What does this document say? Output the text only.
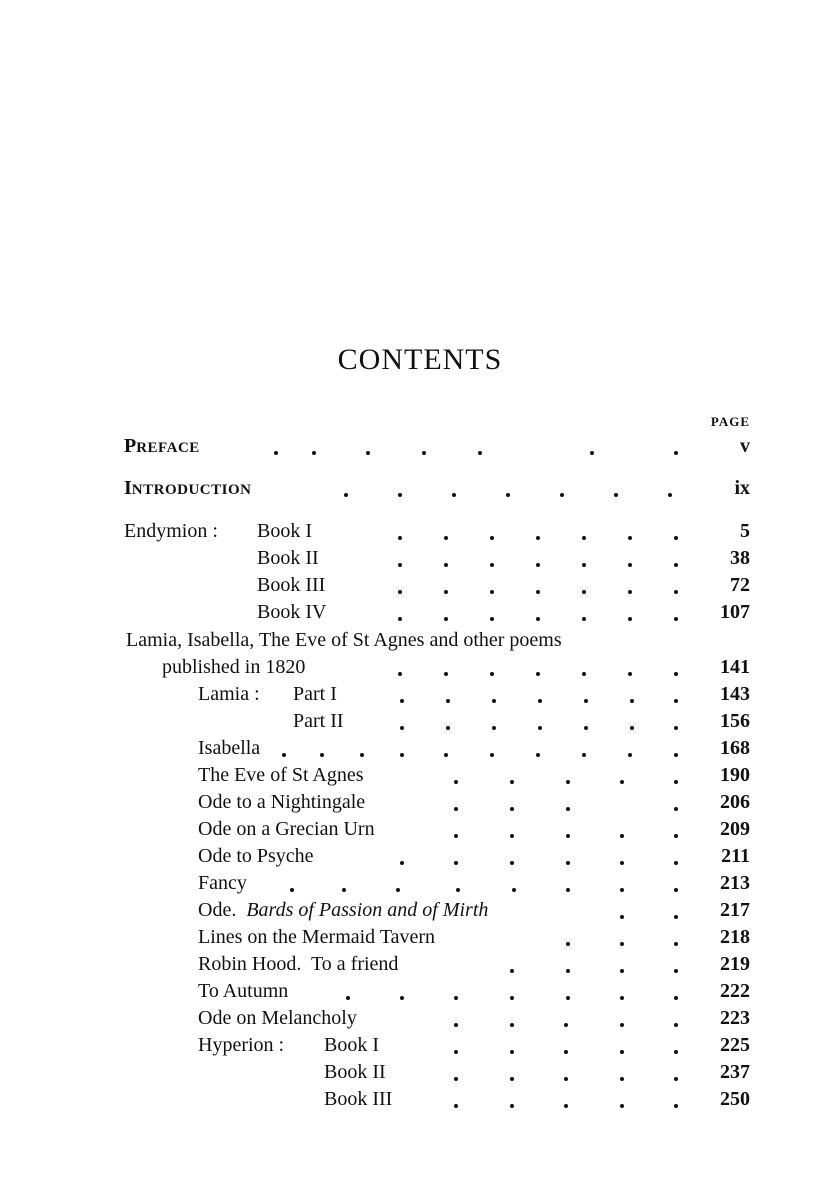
CONTENTS
PAGE
PREFACE	v
INTRODUCTION	ix
Endymion : Book I	5
Book II	38
Book III	72
Book IV	107
Lamia, Isabella, The Eve of St Agnes and other poems
published in 1820	141
Lamia : Part I	143
Part II	156
Isabella	168
The Eve of St Agnes	190
Ode to a Nightingale	206
Ode on a Grecian Urn	209
Ode to Psyche	211
Fancy	213
Ode. Bards of Passion and of Mirth	217
Lines on the Mermaid Tavern	218
Robin Hood.  To a friend	219
To Autumn	222
Ode on Melancholy	223
Hyperion : Book I	225
Book II	237
Book III	250
